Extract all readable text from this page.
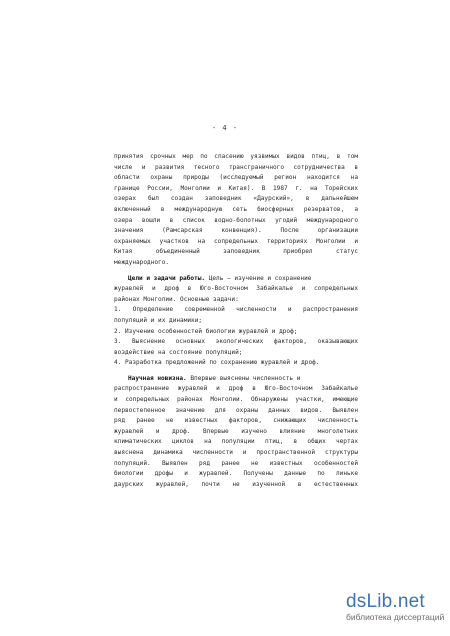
- 4 -
принятия срочных мер по спасению уязвимых видов птиц, в том
числе и развития тесного трансграничного сотрудничества в
области охраны природы (исследуемый регион находится на
границе России, Монголии и Китая). В 1987 г. на Торейских
озерах был создан заповедник «Даурский», в дальнейшем
включенный в международную сеть биосферных резерватов, а
озера вошли в список водно-болотных угодий международного
значения (Рамсарская конвенция). После организации
охраняемых участков на сопредельных территориях Монголии и
Китая объединенный заповедник приобрел статус
международного.
Цели и задачи работы. Цель – изучение и сохранение
журавлей и дроф в Юго-Восточном Забайкалье и сопредельных
районах Монголии. Основные задачи:
1. Определение современной численности и распространения
популяций и их динамики;
2. Изучение особенностей биологии журавлей и дроф;
3. Выяснение основных экологических факторов, оказывающих
воздействие на состояние популяций;
4. Разработка предложений по сохранению журавлей и дроф.
Научная новизна. Впервые выяснены численность и
распространение журавлей и дроф в Юго-Восточном Забайкалье
и сопредельных районах Монголии. Обнаружены участки, имеющие
первостепенное значение для охраны данных видов. Выявлен
ряд ранее не известных факторов, снижающих численность
журавлей и дроф. Впервые изучено влияние многолетних
климатических циклов на популяции птиц, в общих чертах
выяснена динамика численности и пространственной структуры
популяций. Выявлен ряд ранее не известных особенностей
биологии дрофы и журавлей. Получены данные по линьке
даурских журавлей, почти не изученной в естественных
dsLib.net
библиотека диссертаций
